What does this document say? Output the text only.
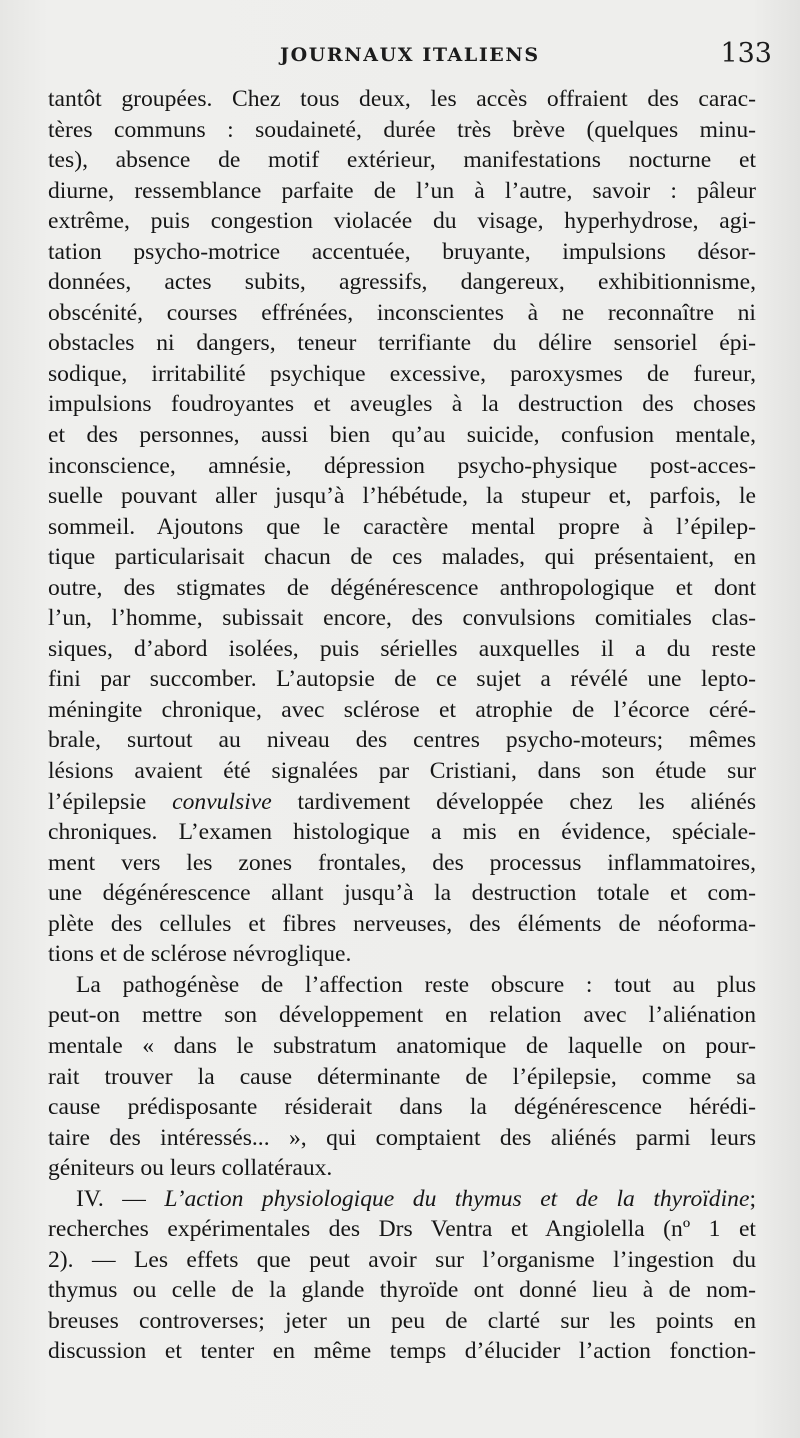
JOURNAUX ITALIENS	133
tantôt groupées. Chez tous deux, les accès offraient des carac-
tères communs : soudaineté, durée très brève (quelques minu-
tes), absence de motif extérieur, manifestations nocturne et
diurne, ressemblance parfaite de l’un à l’autre, savoir : pâleur
extrême, puis congestion violacée du visage, hyperhydrose, agi-
tation psycho-motrice accentuée, bruyante, impulsions désor-
données, actes subits, agressifs, dangereux, exhibitionnisme,
obscénité, courses effrénées, inconscientes à ne reconnaître ni
obstacles ni dangers, teneur terrifiante du délire sensoriel épi-
sodique, irritabilité psychique excessive, paroxysmes de fureur,
impulsions foudroyantes et aveugles à la destruction des choses
et des personnes, aussi bien qu’au suicide, confusion mentale,
inconscience, amnésie, dépression psycho-physique post-acces-
suelle pouvant aller jusqu’à l’hébétude, la stupeur et, parfois, le
sommeil. Ajoutons que le caractère mental propre à l’épilep-
tique particularisait chacun de ces malades, qui présentaient, en
outre, des stigmates de dégénérescence anthropologique et dont
l’un, l’homme, subissait encore, des convulsions comitiales clas-
siques, d’abord isolées, puis sérielles auxquelles il a du reste
fini par succomber. L’autopsie de ce sujet a révélé une lepto-
méningite chronique, avec sclérose et atrophie de l’écorce céré-
brale, surtout au niveau des centres psycho-moteurs; mêmes
lésions avaient été signalées par Cristiani, dans son étude sur
l’épilepsie convulsive tardivement développée chez les aliénés
chroniques. L’examen histologique a mis en évidence, spéciale-
ment vers les zones frontales, des processus inflammatoires,
une dégénérescence allant jusqu’à la destruction totale et com-
plète des cellules et fibres nerveuses, des éléments de néoforma-
tions et de sclérose névroglique.
La pathogénèse de l’affection reste obscure : tout au plus
peut-on mettre son développement en relation avec l’aliénation
mentale « dans le substratum anatomique de laquelle on pour-
rait trouver la cause déterminante de l’épilepsie, comme sa
cause prédisposante résiderait dans la dégénérescence hérédi-
taire des intéressés... », qui comptaient des aliénés parmi leurs
géniteurs ou leurs collatéraux.
IV. — L’action physiologique du thymus et de la thyroïdine;
recherches expérimentales des Drs Ventra et Angiolella (nº 1 et
2). — Les effets que peut avoir sur l’organisme l’ingestion du
thymus ou celle de la glande thyroïde ont donné lieu à de nom-
breuses controverses; jeter un peu de clarté sur les points en
discussion et tenter en même temps d’élucider l’action fonction-
